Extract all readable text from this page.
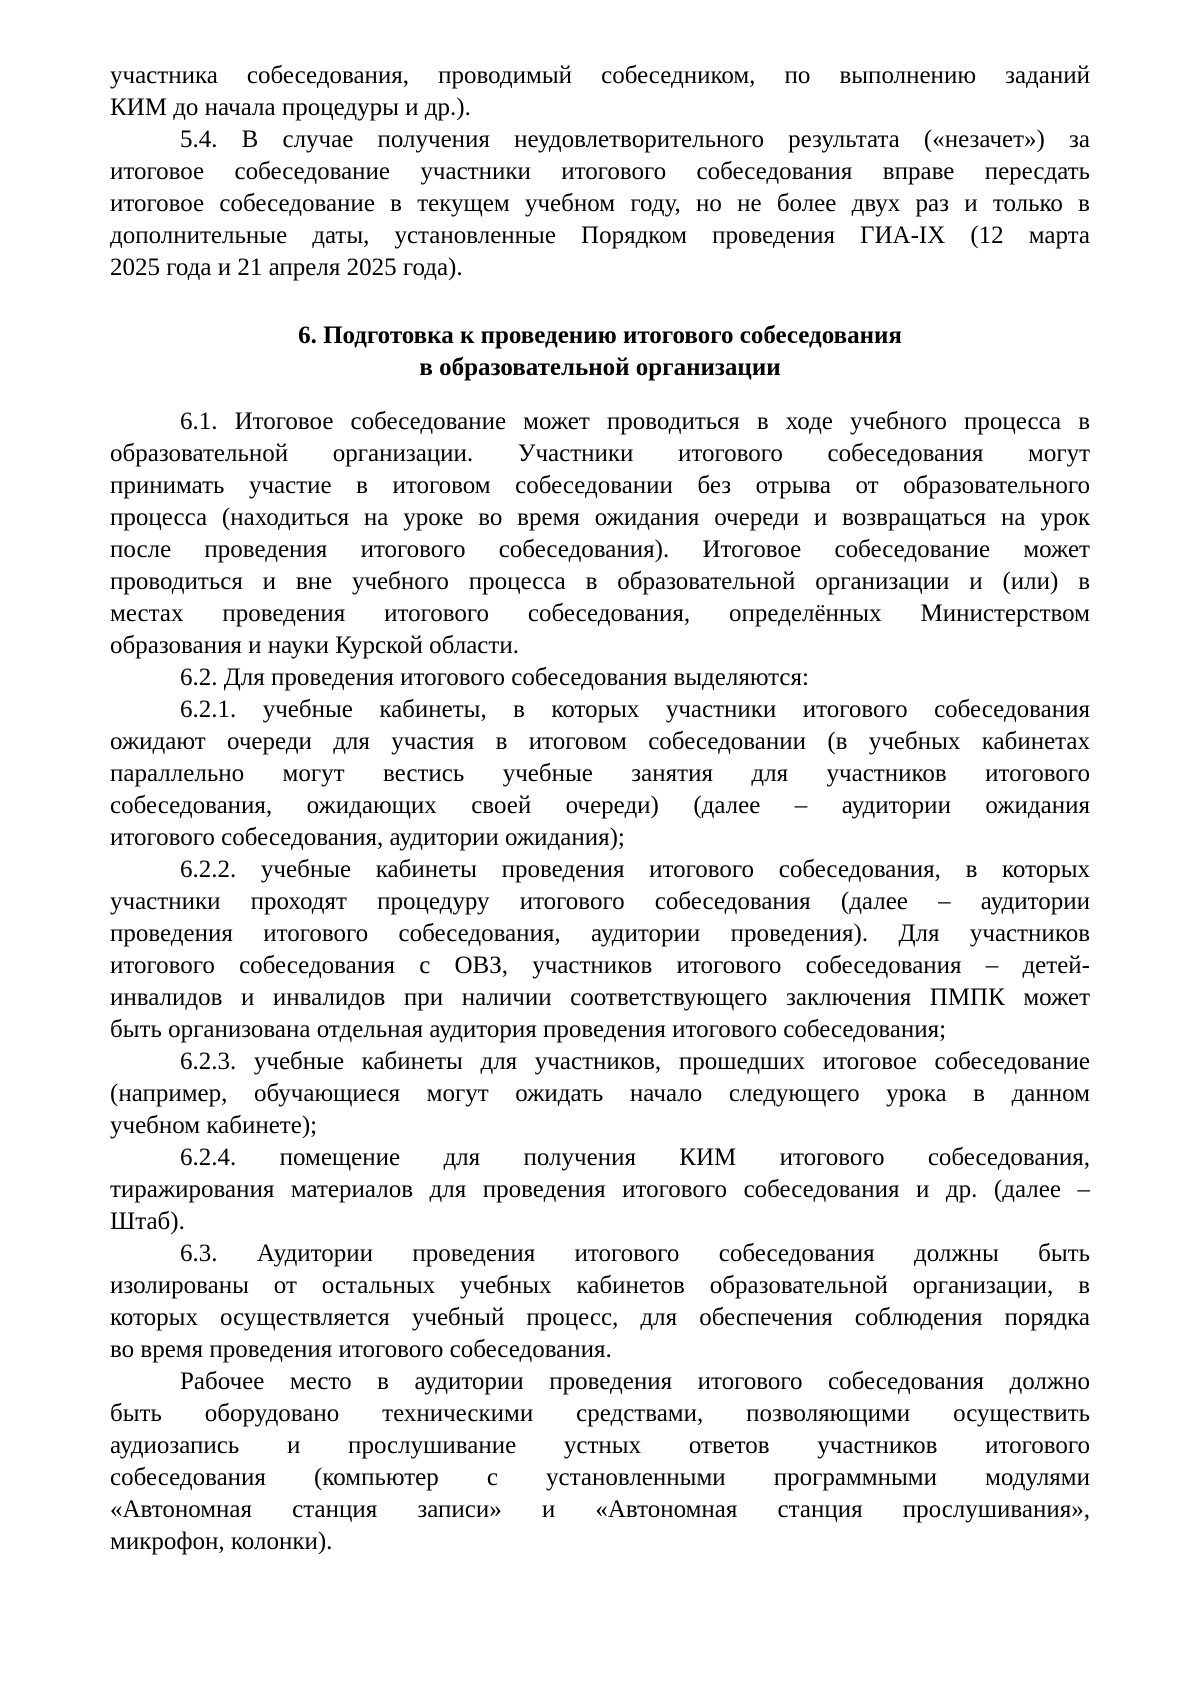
участника собеседования, проводимый собеседником, по выполнению заданий
КИМ до начала процедуры и др.).
5.4. В случае получения неудовлетворительного результата («незачет») за
итоговое собеседование участники итогового собеседования вправе пересдать
итоговое собеседование в текущем учебном году, но не более двух раз и только в
дополнительные даты, установленные Порядком проведения ГИА-IX (12 марта
2025 года и 21 апреля 2025 года).
6. Подготовка к проведению итогового собеседования
в образовательной организации
6.1. Итоговое собеседование может проводиться в ходе учебного процесса в
образовательной организации. Участники итогового собеседования могут
принимать участие в итоговом собеседовании без отрыва от образовательного
процесса (находиться на уроке во время ожидания очереди и возвращаться на урок
после проведения итогового собеседования). Итоговое собеседование может
проводиться и вне учебного процесса в образовательной организации и (или) в
местах проведения итогового собеседования, определённых Министерством
образования и науки Курской области.
6.2. Для проведения итогового собеседования выделяются:
6.2.1. учебные кабинеты, в которых участники итогового собеседования
ожидают очереди для участия в итоговом собеседовании (в учебных кабинетах
параллельно могут вестись учебные занятия для участников итогового
собеседования, ожидающих своей очереди) (далее – аудитории ожидания
итогового собеседования, аудитории ожидания);
6.2.2. учебные кабинеты проведения итогового собеседования, в которых
участники проходят процедуру итогового собеседования (далее – аудитории
проведения итогового собеседования, аудитории проведения). Для участников
итогового собеседования с ОВЗ, участников итогового собеседования – детей-
инвалидов и инвалидов при наличии соответствующего заключения ПМПК может
быть организована отдельная аудитория проведения итогового собеседования;
6.2.3. учебные кабинеты для участников, прошедших итоговое собеседование
(например, обучающиеся могут ожидать начало следующего урока в данном
учебном кабинете);
6.2.4. помещение для получения КИМ итогового собеседования,
тиражирования материалов для проведения итогового собеседования и др. (далее –
Штаб).
6.3. Аудитории проведения итогового собеседования должны быть
изолированы от остальных учебных кабинетов образовательной организации, в
которых осуществляется учебный процесс, для обеспечения соблюдения порядка
во время проведения итогового собеседования.
Рабочее место в аудитории проведения итогового собеседования должно
быть оборудовано техническими средствами, позволяющими осуществить
аудиозапись и прослушивание устных ответов участников итогового
собеседования (компьютер с установленными программными модулями
«Автономная станция записи» и «Автономная станция прослушивания»,
микрофон, колонки).
